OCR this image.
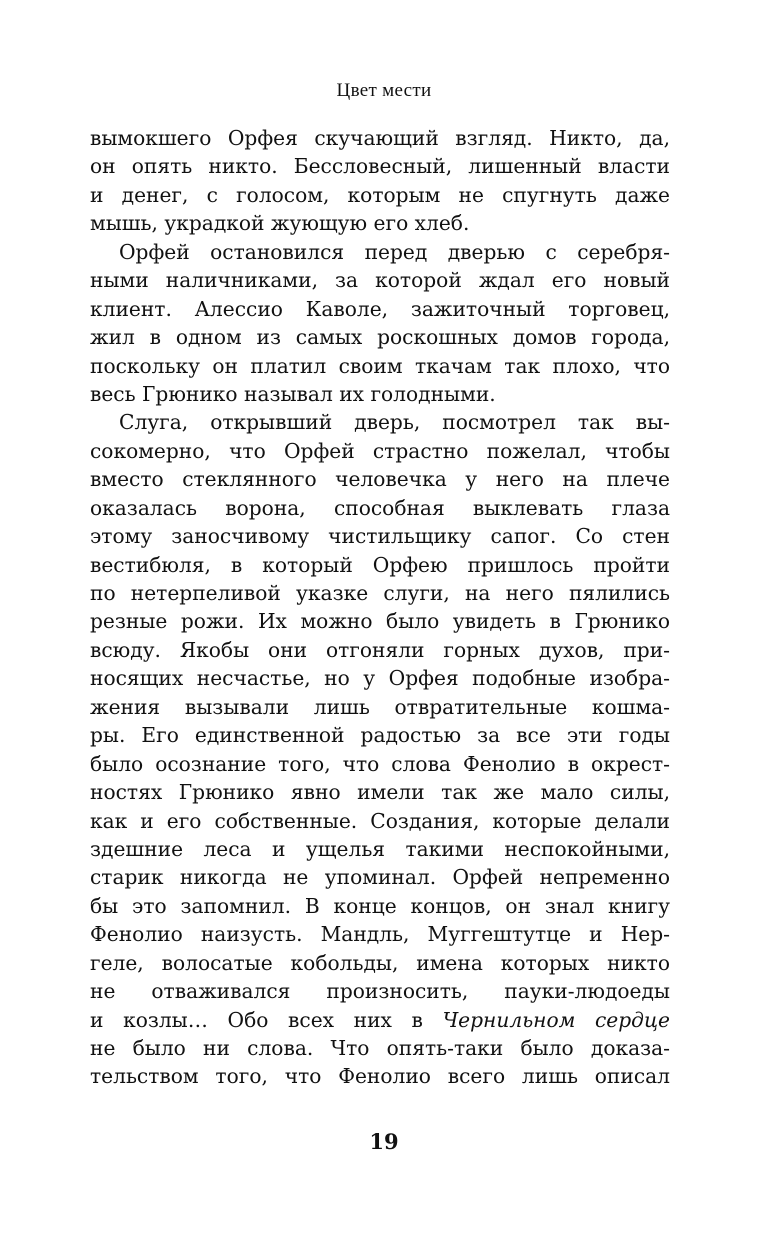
Цвет мести
вымокшего Орфея скучающий взгляд. Никто, да,
он опять никто. Бессловесный, лишенный власти
и денег, с голосом, которым не спугнуть даже
мышь, украдкой жующую его хлеб.
Орфей остановился перед дверью с серебря-
ными наличниками, за которой ждал его новый
клиент. Алессио Каволе, зажиточный торговец,
жил в одном из самых роскошных домов города,
поскольку он платил своим ткачам так плохо, что
весь Грюнико называл их голодными.
Слуга, открывший дверь, посмотрел так вы-
сокомерно, что Орфей страстно пожелал, чтобы
вместо стеклянного человечка у него на плече
оказалась ворона, способная выклевать глаза
этому заносчивому чистильщику сапог. Со стен
вестибюля, в который Орфею пришлось пройти
по нетерпеливой указке слуги, на него пялились
резные рожи. Их можно было увидеть в Грюнико
всюду. Якобы они отгоняли горных духов, при-
носящих несчастье, но у Орфея подобные изобра-
жения вызывали лишь отвратительные кошма-
ры. Его единственной радостью за все эти годы
было осознание того, что слова Фенолио в окрест-
ностях Грюнико явно имели так же мало силы,
как и его собственные. Создания, которые делали
здешние леса и ущелья такими неспокойными,
старик никогда не упоминал. Орфей непременно
бы это запомнил. В конце концов, он знал книгу
Фенолио наизусть. Мандль, Муггештутце и Нер-
геле, волосатые кобольды, имена которых никто
не отваживался произносить, пауки-людоеды
и козлы… Обо всех них в Чернильном сердце
не было ни слова. Что опять-таки было доказа-
тельством того, что Фенолио всего лишь описал
19
